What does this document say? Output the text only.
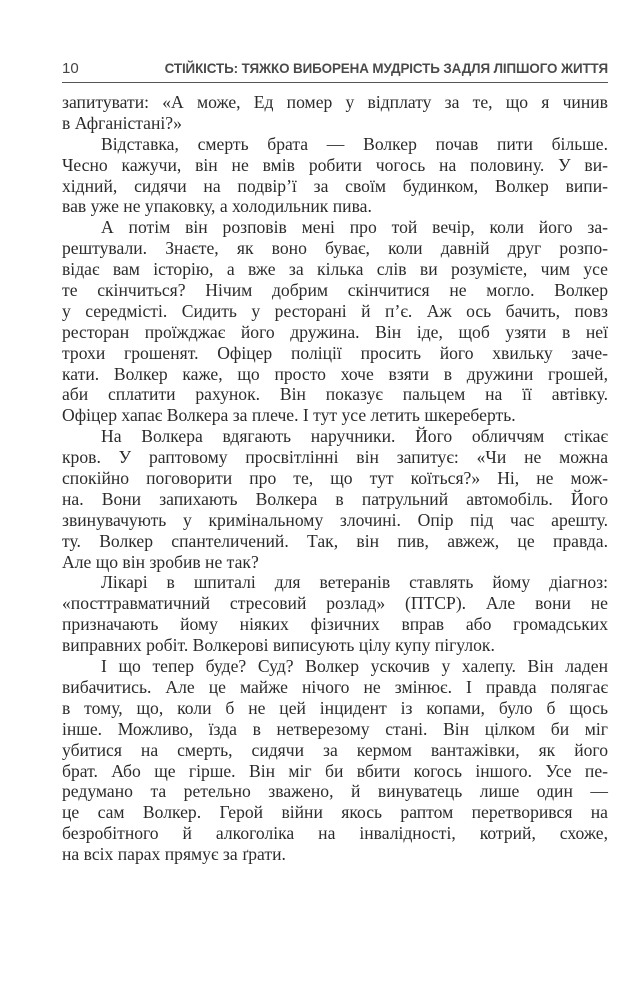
10	СТІЙКІСТЬ: ТЯЖКО ВИБОРЕНА МУДРІСТЬ ЗАДЛЯ ЛІПШОГО ЖИТТЯ
запитувати: «А може, Ед помер у відплату за те, що я чинив
в Афганістані?»
Відставка, смерть брата — Волкер почав пити більше.
Чесно кажучи, він не вмів робити чогось на половину. У ви-
хідний, сидячи на подвір’ї за своїм будинком, Волкер випи-
вав уже не упаковку, а холодильник пива.
А потім він розповів мені про той вечір, коли його за-
рештували. Знаєте, як воно буває, коли давній друг розпо-
відає вам історію, а вже за кілька слів ви розумієте, чим усе
те скінчиться? Нічим добрим скінчитися не могло. Волкер
у середмісті. Сидить у ресторані й п’є. Аж ось бачить, повз
ресторан проїжджає його дружина. Він іде, щоб узяти в неї
трохи грошенят. Офіцер поліції просить його хвильку заче-
кати. Волкер каже, що просто хоче взяти в дружини грошей,
аби сплатити рахунок. Він показує пальцем на її автівку.
Офіцер хапає Волкера за плече. І тут усе летить шкереберть.
На Волкера вдягають наручники. Його обличчям стікає
кров. У раптовому просвітлінні він запитує: «Чи не можна
спокійно поговорити про те, що тут коїться?» Ні, не мож-
на. Вони запихають Волкера в патрульний автомобіль. Його
звинувачують у кримінальному злочині. Опір під час арешту.
ту. Волкер спантеличений. Так, він пив, авжеж, це правда.
Але що він зробив не так?
Лікарі в шпиталі для ветеранів ставлять йому діагноз:
«посттравматичний стресовий розлад» (ПТСР). Але вони не
призначають йому ніяких фізичних вправ або громадських
виправних робіт. Волкерові виписують цілу купу пігулок.
І що тепер буде? Суд? Волкер ускочив у халепу. Він ладен
вибачитись. Але це майже нічого не змінює. І правда полягає
в тому, що, коли б не цей інцидент із копами, було б щось
інше. Можливо, їзда в нетверезому стані. Він цілком би міг
убитися на смерть, сидячи за кермом вантажівки, як його
брат. Або ще гірше. Він міг би вбити когось іншого. Усе пе-
редумано та ретельно зважено, й винуватець лише один —
це сам Волкер. Герой війни якось раптом перетворився на
безробітного й алкоголіка на інвалідності, котрий, схоже,
на всіх парах прямує за ґрати.
